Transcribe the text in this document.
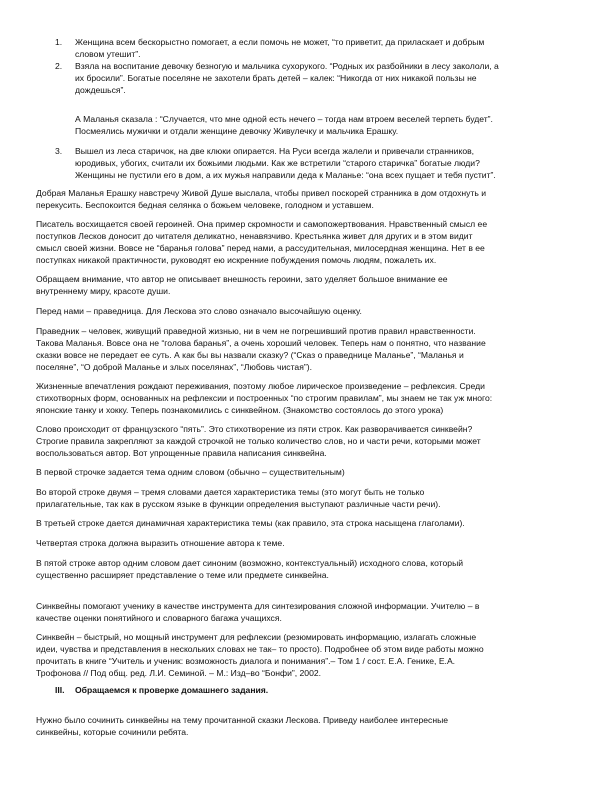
1. Женщина всем бескорыстно помогает, а если помочь не может, “то приветит, да приласкает и добрым

словом утешит”.

2. Взяла на воспитание девочку безногую и мальчика сухорукого. “Родных их разбойники в лесу закололи, а

их бросили”. Богатые поселяне не захотели брать детей – калек: “Никогда от них никакой пользы не

дождешься”.

А Маланья сказала : “Случается, что мне одной есть нечего – тогда нам втроем веселей терпеть будет”.

Посмеялись мужички и отдали женщине девочку Живулечку и мальчика Ерашку.

3. Вышел из леса старичок, на две клюки опирается. На Руси всегда жалели и привечали странников,

юродивых, убогих, считали их божьими людьми. Как же встретили “старого старичка” богатые люди?

Женщины не пустили его в дом, а их мужья направили деда к Маланье: “она всех пущает и тебя пустит”.

Добрая Маланья Ерашку навстречу Живой Душе выслала, чтобы привел поскорей странника в дом отдохнуть и

перекусить. Беспокоится бедная селянка о божьем человеке, голодном и уставшем.

Писатель восхищается своей героиней. Она пример скромности и самопожертвования. Нравственный смысл ее

поступков Лесков доносит до читателя деликатно, ненавязчиво. Крестьянка живет для других и в этом видит

смысл своей жизни. Вовсе не “баранья голова” перед нами, а рассудительная, милосердная женщина. Нет в ее

поступках никакой практичности, руководят ею искренние побуждения помочь людям, пожалеть их.

Обращаем внимание, что автор не описывает внешность героини, зато уделяет большое внимание ее

внутреннему миру, красоте души.

Перед нами – праведница. Для Лескова это слово означало высочайшую оценку.

Праведник – человек, живущий праведной жизнью, ни в чем не погрешивший против правил нравственности.

Такова Маланья. Вовсе она не “голова баранья”, а очень хороший человек. Теперь нам о понятно, что название

сказки вовсе не передает ее суть. А как бы вы назвали сказку? (“Сказ о праведнице Маланье”, “Маланья и

поселяне”, “О доброй Маланье и злых поселянах”, “Любовь чистая”).

Жизненные впечатления рождают переживания, поэтому любое лирическое произведение – рефлексия. Среди

стихотворных форм, основанных на рефлексии и построенных “по строгим правилам”, мы знаем не так уж много:

японские танку и хокку. Теперь познакомились с синквейном. (Знакомство состоялось до этого урока)

Слово происходит от французского “пять”. Это стихотворение из пяти строк. Как разворачивается синквейн?

Строгие правила закрепляют за каждой строчкой не только количество слов, но и части речи, которыми может

воспользоваться автор. Вот упрощенные правила написания синквейна.

В первой строчке задается тема одним словом (обычно – существительным)

Во второй строке двумя – тремя словами дается характеристика темы (это могут быть не только

прилагательные, так как в русском языке в функции определения выступают различные части речи).

В третьей строке дается динамичная характеристика темы (как правило, эта строка насыщена глаголами).

Четвертая строка должна выразить отношение автора к теме.

В пятой строке автор одним словом дает синоним (возможно, контекстуальный) исходного слова, который

существенно расширяет представление о теме или предмете синквейна.

Синквейны помогают ученику в качестве инструмента для синтезирования сложной информации. Учителю – в

качестве оценки понятийного и словарного багажа учащихся.

Синквейн – быстрый, но мощный инструмент для рефлексии (резюмировать информацию, излагать сложные

идеи, чувства и представления в нескольких словах не так– то просто). Подробнее об этом виде работы можно

прочитать в книге “Учитель и ученик: возможность диалога и понимания”.– Том 1 / сост. Е.А. Геникe, Е.А.

Трофонова // Под общ. ред. Л.И. Семиной. – М.: Изд–во “Бонфи”, 2002.

III. Обращаемся к проверке домашнего задания.

Нужно было сочинить синквейны на тему прочитанной сказки Лескова. Приведу наиболее интересные

синквейны, которые сочинили ребята.
